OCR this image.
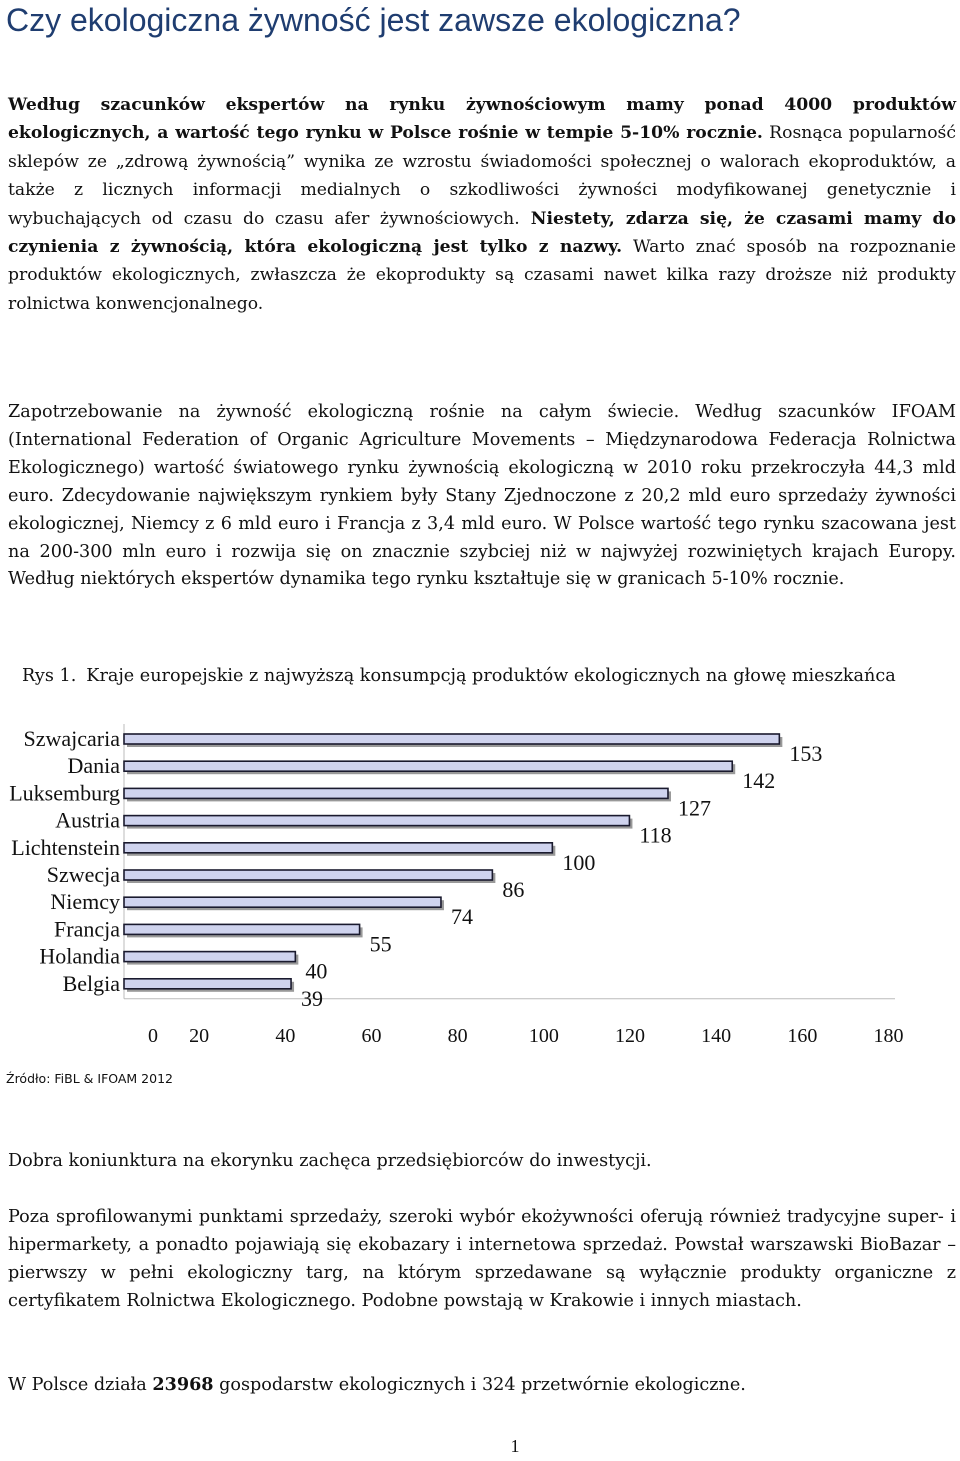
Czy ekologiczna żywność jest zawsze ekologiczna?

Według szacunków ekspertów na rynku żywnościowym mamy ponad 4000 produktów ekologicznych, a wartość tego rynku w Polsce rośnie w tempie 5-10% rocznie. Rosnąca popularność sklepów ze „zdrową żywnością” wynika ze wzrostu świadomości społecznej o walorach ekoproduktów, a także z licznych informacji medialnych o szkodliwości żywności modyfikowanej genetycznie i wybuchających od czasu do czasu afer żywnościowych. Niestety, zdarza się, że czasami mamy do czynienia z żywnością, która ekologiczną jest tylko z nazwy. Warto znać sposób na rozpoznanie produktów ekologicznych, zwłaszcza że ekoprodukty są czasami nawet kilka razy droższe niż produkty rolnictwa konwencjonalnego.

Zapotrzebowanie na żywność ekologiczną rośnie na całym świecie. Według szacunków IFOAM (International Federation of Organic Agriculture Movements – Międzynarodowa Federacja Rolnictwa Ekologicznego) wartość światowego rynku żywnością ekologiczną w 2010 roku przekroczyła 44,3 mld euro. Zdecydowanie największym rynkiem były Stany Zjednoczone z 20,2 mld euro sprzedaży żywności ekologicznej, Niemcy z 6 mld euro i Francja z 3,4 mld euro. W Polsce wartość tego rynku szacowana jest na 200-300 mln euro i rozwija się on znacznie szybciej niż w najwyżej rozwiniętych krajach Europy. Według niektórych ekspertów dynamika tego rynku kształtuje się w granicach 5-10% rocznie.

Rys 1. Kraje europejskie z najwyższą konsumpcją produktów ekologicznych na głowę mieszkańca

Szwajcaria
Dania
Luksemburg
Austria
Lichtenstein
Szwecja
Niemcy
Francja
Holandia
Belgia
153
142
127
118
100
86
74
55
40
39
0 20	40	60	80	100	120	140	160	180

Źródło: FiBL & IFOAM 2012

Dobra koniunktura na ekorynku zachęca przedsiębiorców do inwestycji.

Poza sprofilowanymi punktami sprzedaży, szeroki wybór ekożywności oferują również tradycyjne super- i hipermarkety, a ponadto pojawiają się ekobazary i internetowa sprzedaż. Powstał warszawski BioBazar – pierwszy w pełni ekologiczny targ, na którym sprzedawane są wyłącznie produkty organiczne z certyfikatem Rolnictwa Ekologicznego. Podobne powstają w Krakowie i innych miastach.

W Polsce działa 23968 gospodarstw ekologicznych i 324 przetwórnie ekologiczne.

1
